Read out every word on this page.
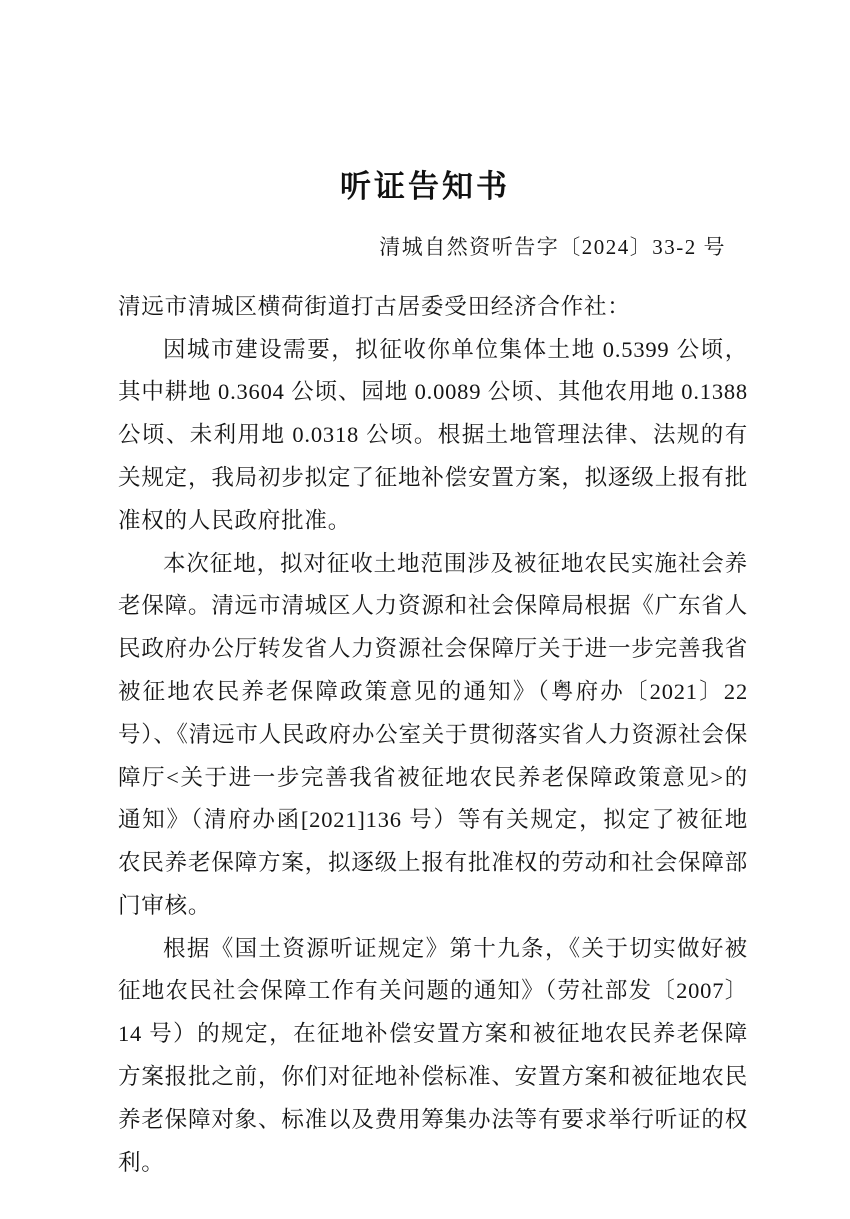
听证告知书
清城自然资听告字〔2024〕33-2 号

清远市清城区横荷街道打古居委受田经济合作社：

因城市建设需要，拟征收你单位集体土地 0.5399 公顷，其中耕地 0.3604 公顷、园地 0.0089 公顷、其他农用地 0.1388 公顷、未利用地 0.0318 公顷。根据土地管理法律、法规的有关规定，我局初步拟定了征地补偿安置方案，拟逐级上报有批准权的人民政府批准。

本次征地，拟对征收土地范围涉及被征地农民实施社会养老保障。清远市清城区人力资源和社会保障局根据《广东省人民政府办公厅转发省人力资源社会保障厅关于进一步完善我省被征地农民养老保障政策意见的通知》（粤府办〔2021〕22 号）、《清远市人民政府办公室关于贯彻落实省人力资源社会保障厅<关于进一步完善我省被征地农民养老保障政策意见>的通知》（清府办函[2021]136 号）等有关规定，拟定了被征地农民养老保障方案，拟逐级上报有批准权的劳动和社会保障部门审核。

根据《国土资源听证规定》第十九条，《关于切实做好被征地农民社会保障工作有关问题的通知》（劳社部发〔2007〕14 号）的规定，在征地补偿安置方案和被征地农民养老保障方案报批之前，你们对征地补偿标准、安置方案和被征地农民养老保障对象、标准以及费用筹集办法等有要求举行听证的权利。
